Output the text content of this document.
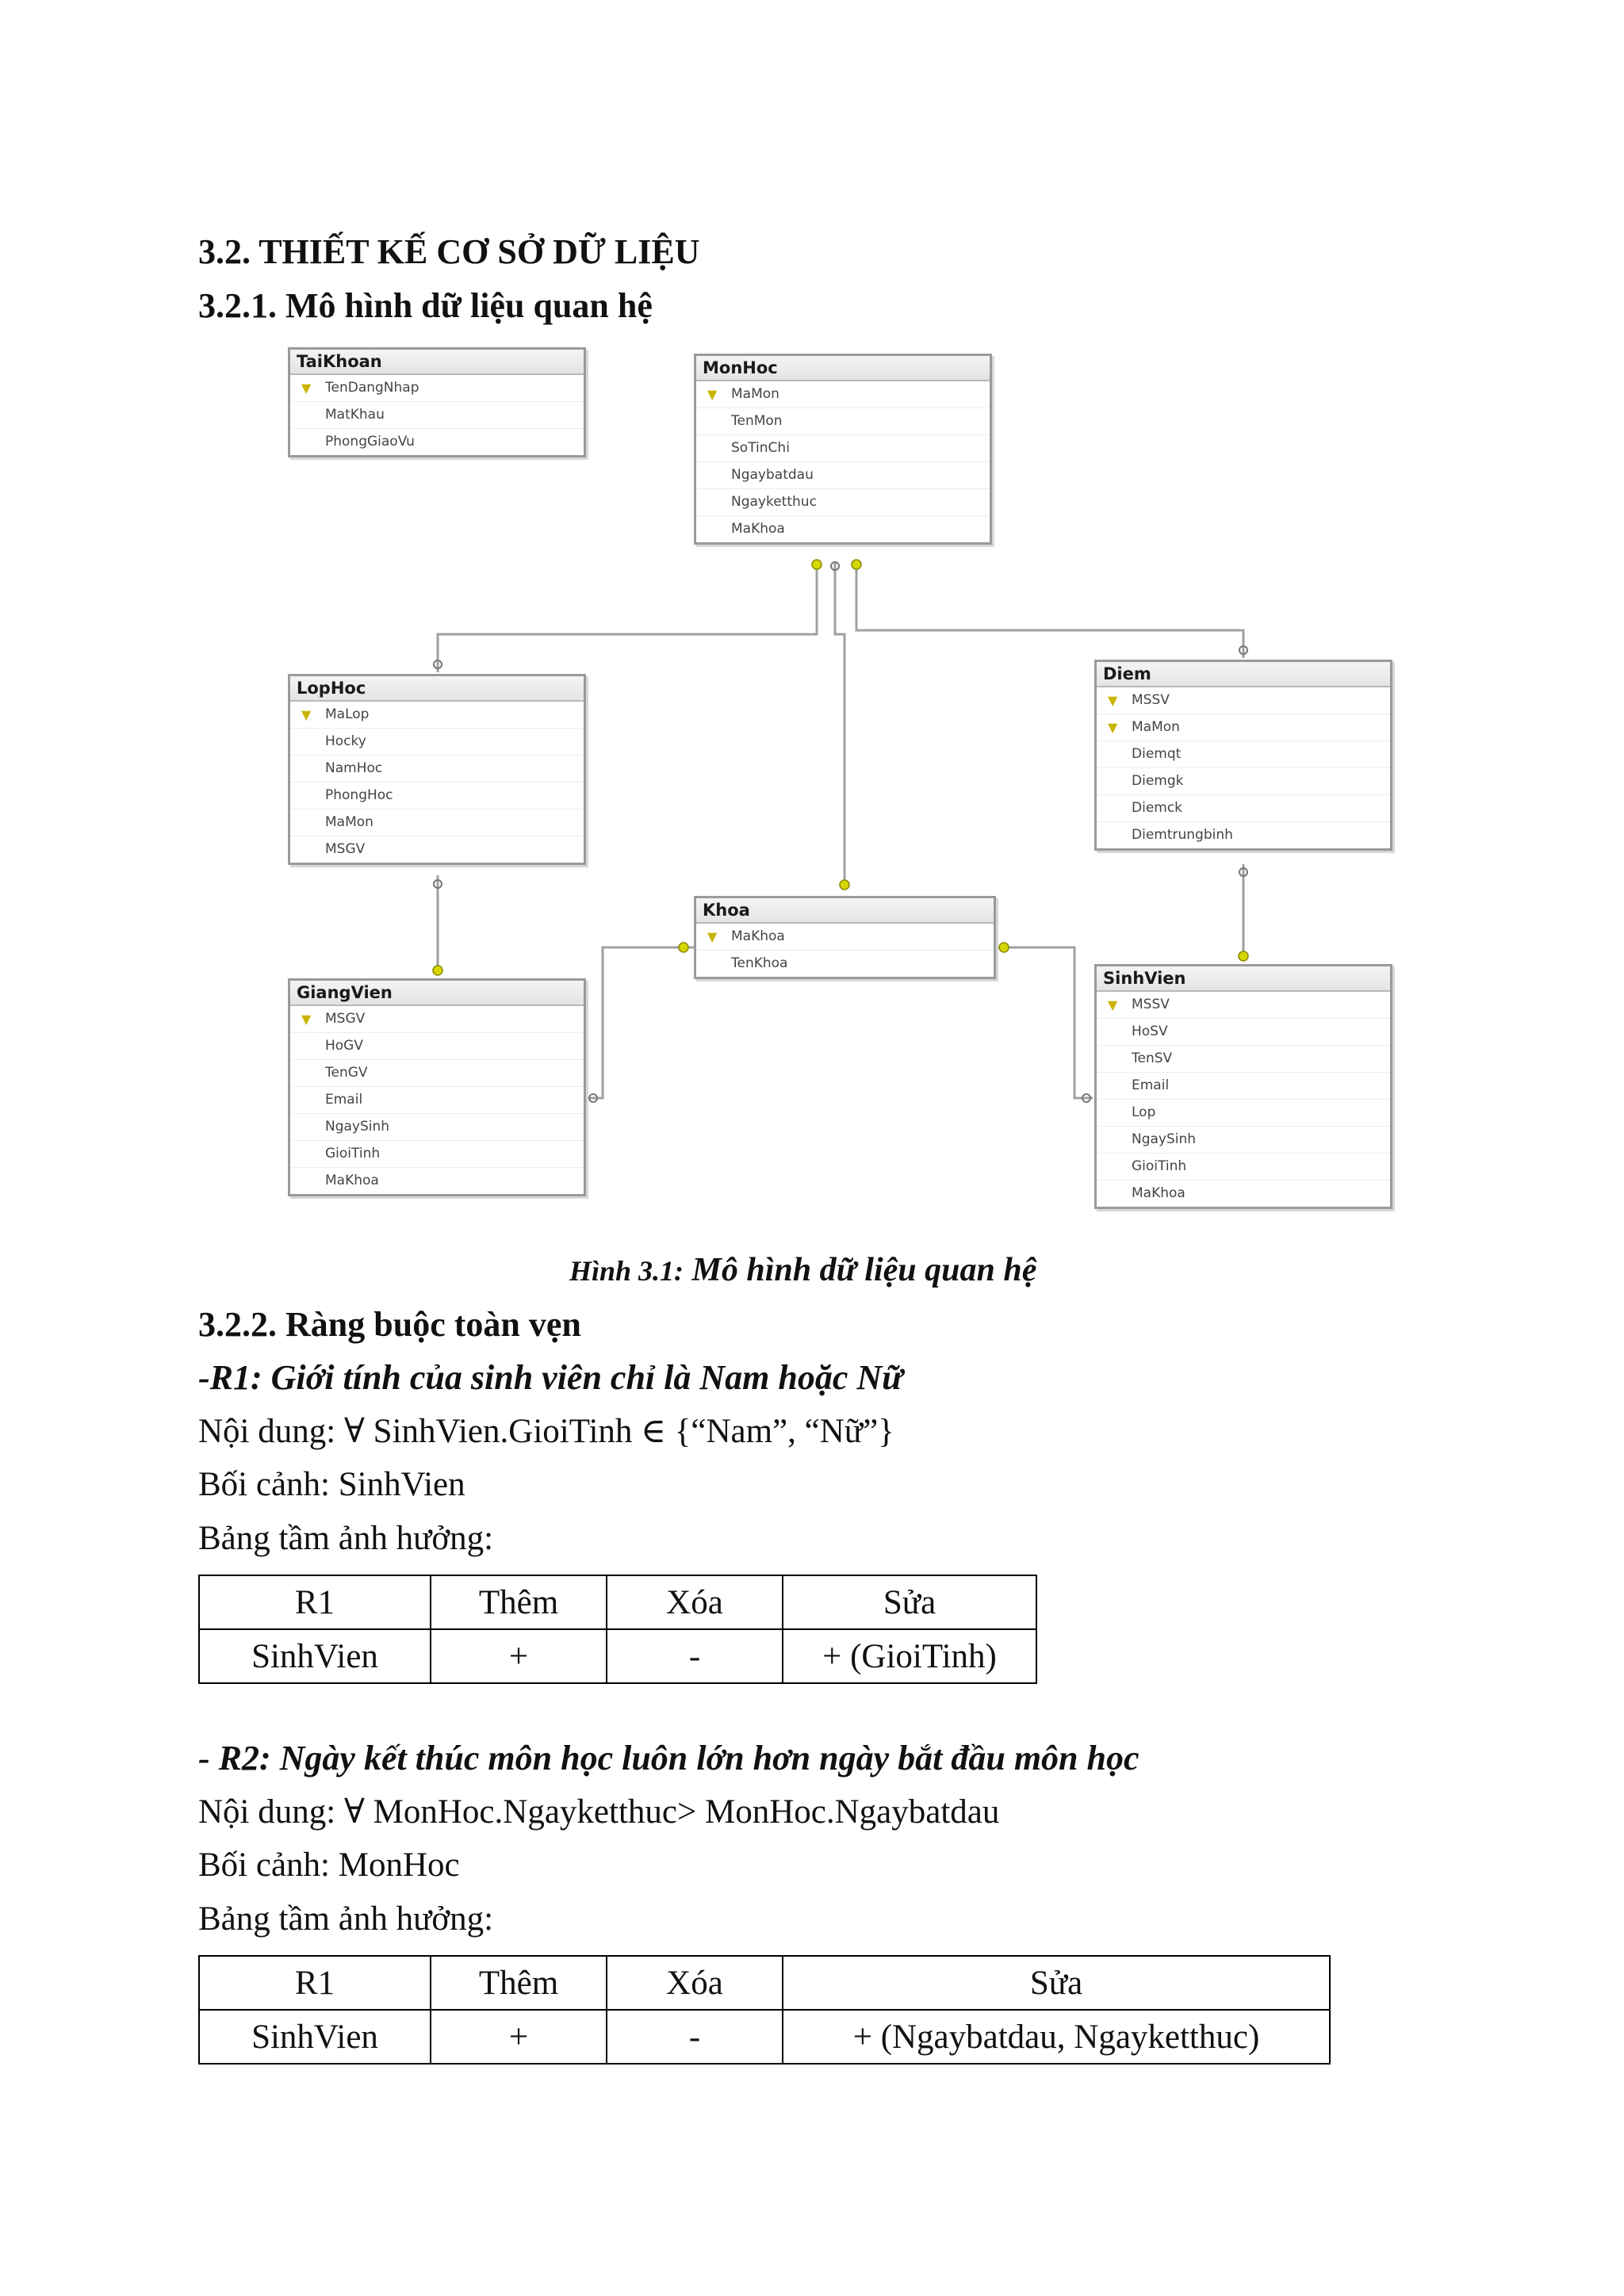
3.2. THIẾT KẾ CƠ SỞ DỮ LIỆU
3.2.1. Mô hình dữ liệu quan hệ
TaiKhoan
▼ TenDangNhap
MatKhau
PhongGiaoVu
MonHoc
▼ MaMon
TenMon
SoTinChi
Ngaybatdau
Ngayketthuc
MaKhoa
LopHoc
▼ MaLop
Hocky
NamHoc
PhongHoc
MaMon
MSGV
Diem
▼ MSSV
▼ MaMon
Diemqt
Diemgk
Diemck
Diemtrungbinh
Khoa
▼ MaKhoa
TenKhoa
GiangVien
▼ MSGV
HoGV
TenGV
Email
NgaySinh
GioiTinh
MaKhoa
SinhVien
▼ MSSV
HoSV
TenSV
Email
Lop
NgaySinh
GioiTinh
MaKhoa
Hình 3.1: Mô hình dữ liệu quan hệ
3.2.2. Ràng buộc toàn vẹn
-R1: Giới tính của sinh viên chỉ là Nam hoặc Nữ
Nội dung: ∀ SinhVien.GioiTinh ∈ {“Nam”, “Nữ”}
Bối cảnh: SinhVien
Bảng tầm ảnh hưởng:
R1	Thêm	Xóa	Sửa
SinhVien	+	-	+ (GioiTinh)
- R2: Ngày kết thúc môn học luôn lớn hơn ngày bắt đầu môn học
Nội dung: ∀ MonHoc.Ngayketthuc> MonHoc.Ngaybatdau
Bối cảnh: MonHoc
Bảng tầm ảnh hưởng:
R1	Thêm	Xóa	Sửa
SinhVien	+	-	+ (Ngaybatdau, Ngayketthuc)
